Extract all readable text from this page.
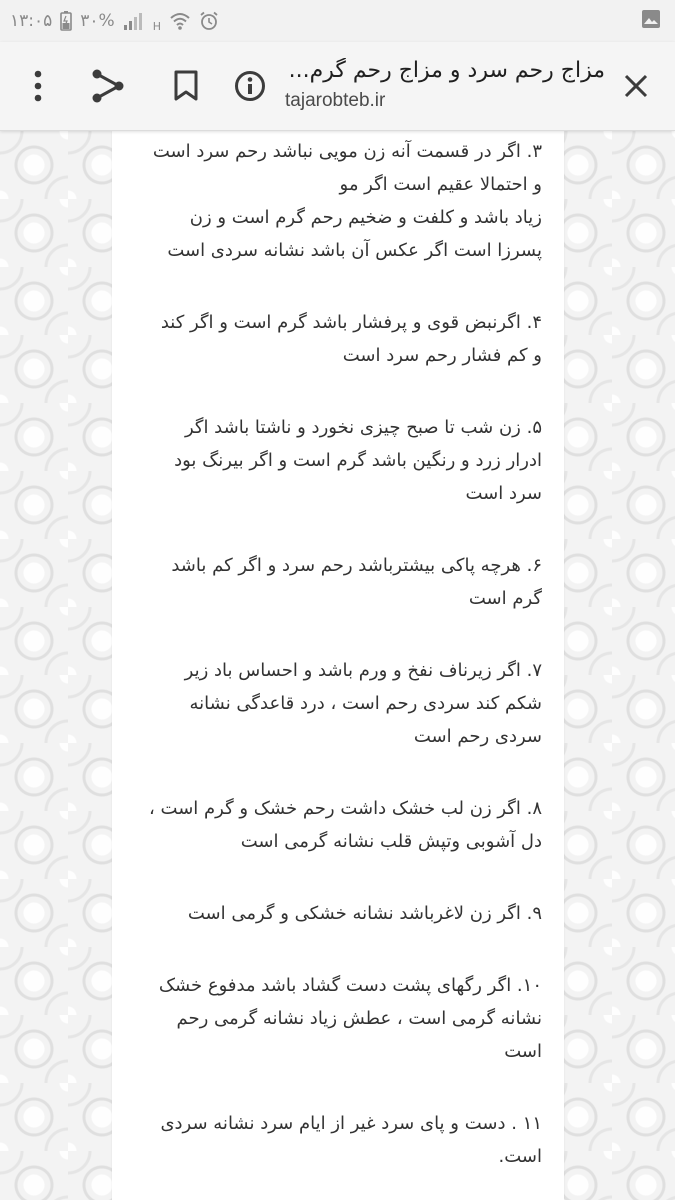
۱۳:۰۵ ۳۰%	H
مزاج رحم سرد و مزاج رحم گرم...
tajarobteb.ir

۳. اگر در قسمت آنه زن مویی نباشد رحم سرد است
و احتمالا عقیم است اگر مو
زیاد باشد و کلفت و ضخیم رحم گرم است و زن
پسرزا است اگر عکس آن باشد نشانه سردی است

۴. اگرنبض قوی و پرفشار باشد گرم است و اگر کند
و کم فشار رحم سرد است

۵. زن شب تا صبح چیزی نخورد و ناشتا باشد اگر
ادرار زرد و رنگین باشد گرم است و اگر بیرنگ بود
سرد است

۶. هرچه پاکی بیشترباشد رحم سرد و اگر کم باشد
گرم است

۷. اگر زیرناف نفخ و ورم باشد و احساس باد زیر
شکم کند سردی رحم است ، درد قاعدگی نشانه
سردی رحم است

۸. اگر زن لب خشک داشت رحم خشک و گرم است ،
دل آشوبی وتپش قلب نشانه گرمی است

۹. اگر زن لاغرباشد نشانه خشکی و گرمی است

۱۰. اگر رگهای پشت دست گشاد باشد مدفوع خشک
نشانه گرمی است ، عطش زیاد نشانه گرمی رحم
است

۱۱ . دست و پای سرد غیر از ایام سرد نشانه سردی
است.
